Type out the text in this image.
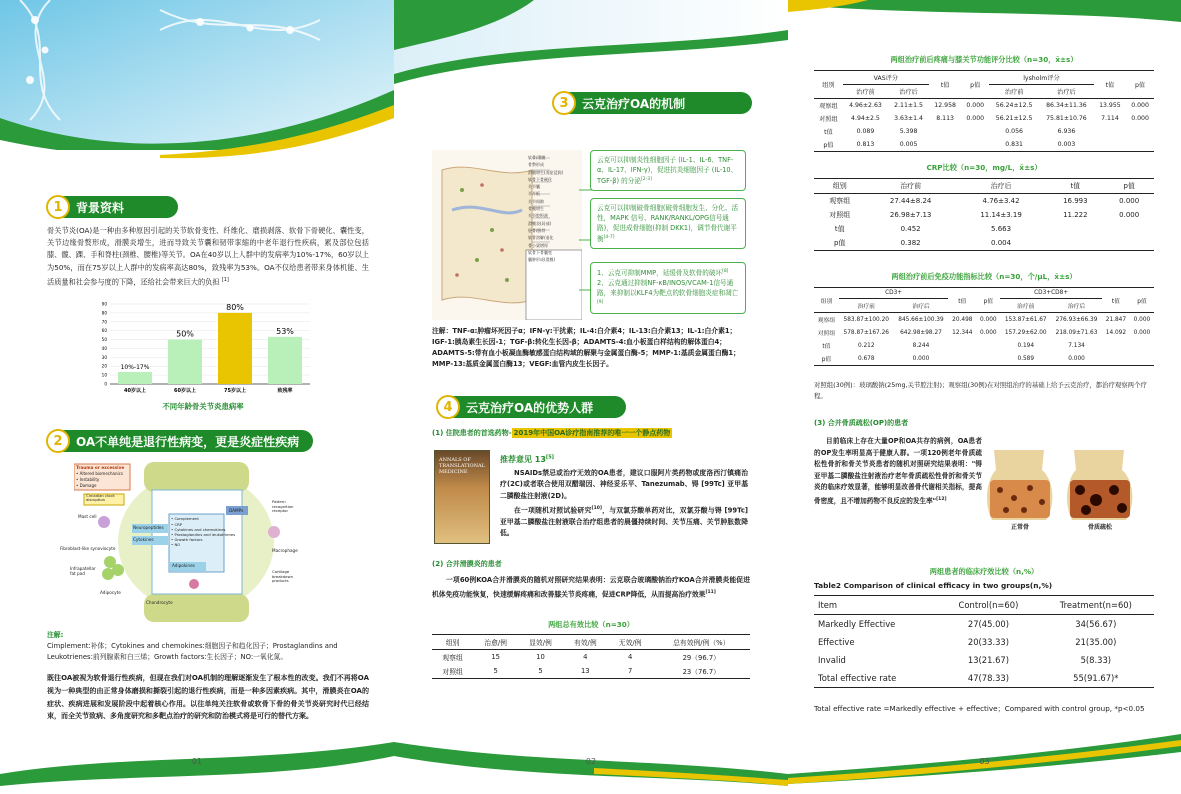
1	背景资料
骨关节炎(OA)是一种由多种原因引起的关节软骨变性、纤维化、磨损剥落、软骨下骨硬化、囊性变，关节边缘骨赘形成，滑膜炎增生，进而导致关节囊和韧带挛缩的中老年退行性疾病，累及部位包括膝、髋、踝、手和脊柱(颈椎、腰椎)等关节。OA在40岁以上人群中的发病率为10%-17%，60岁以上为50%，而在75岁以上人群中的发病率高达80%，致残率为53%。OA不仅给患者带来身体机能、生活质量和社会参与度的下降，还给社会带来巨大的负担 [1]
0
10
20
30
40
50
60
70
80
90
10%-17%
40岁以上
50%
60岁以上
80%
75岁以上
53%
致残率
不同年龄骨关节炎患病率
2	OA不单纯是退行性病变，更是炎症性疾病
Trauma or excessive
• Altered biomechanics
• Instability
• Damage
Circadian clock disruption
Mast cell
Fibroblast-like synoviocyte
Infrapatellar fat pad
Adipocyte
Chondrocyte
Neuropeptides
Cytokines
Adipokines
• Complement
• CRP
• Cytokines and chemokines
• Prostaglandins and leukotrienes
• Growth factors
• NO
Pattern recognition receptor
DAMPs
Macrophage
Cartilage breakdown products
注解:
Cimplement:补体；Cytokines and chemokines:细胞因子和趋化因子；Prostaglandins and Leukotrienes:前列腺素和白三烯；Growth factors:生长因子；NO:一氧化氮。
既往OA被视为软骨退行性疾病，但现在我们对OA机制的理解逐渐发生了根本性的改变。我们不再将OA视为一种典型的由正常身体磨损和撕裂引起的退行性疾病，而是一种多因素疾病。其中，滑膜炎在OA的症状、疾病进展和发展阶段中起着核心作用。以往单纯关注软骨或软骨下骨的骨关节炎研究时代已经结束，而全关节致病、多角度研究和多靶点治疗的研究和防治模式将是可行的替代方案。
01
3	云克治疗OA的机制
软骨/滑膜
骨赘形成
滑膜增生(炎症浸润)
软骨下骨硬化
关节囊
半月板
关节间隙
骨膜增生
关节腔积液
滑膜炎(局部)
胫骨/腓骨
软骨溶解/退化
骨小梁增厚
软骨下骨囊变
囊肿形成(滑膜)
云克可以抑制炎性细胞因子 (IL-1、IL-6、TNF-α、IL-17、IFN-γ)，促进抗炎细胞因子 (IL-10、TGF-β) 的分泌[2-3]
云克可以抑制破骨细胞(破骨细胞发生、分化、活性，MAPK 信号、RANK/RANKL/OPG信号通路)，促进成骨细胞(抑制 DKK1)，调节骨代谢平衡[4-7]
1、云克可抑制MMP，延缓骨及软骨的破坏[8]
2、云克通过抑制NF-κB/INOS/VCAM-1信号通路，来抑制以KLF4为靶点的软骨细胞炎症和凋亡[9]
注解：TNF-α:肿瘤坏死因子α；IFN-γ:干扰素；IL-4:白介素4；IL-13:白介素13；IL-1:白介素1；IGF-1:胰岛素生长因-1；TGF-β:转化生长因-β；ADAMTS-4:血小板蛋白样结构的解体蛋白4；ADAMTS-5:带有血小板凝血酶敏感蛋白结构域的解聚与金属蛋白酶-5；MMP-1:基质金属蛋白酶1；MMP-13:基质金属蛋白酶13；VEGF:血管内皮生长因子。
4	云克治疗OA的优势人群
(1) 住院患者的首选药物- 2019年中国OA诊疗指南推荐的唯一一个静点药物
ANNALS OF
TRANSLATIONAL
MEDICINE
推荐意见 13[5]
NSAIDs禁忌或治疗无效的OA患者，建议口服阿片类药物或度洛西汀镇痛治疗(2C)或者联合使用双醋瑞因、神经妥乐平、Tanezumab、锝 [99Tc] 亚甲基二膦酸盐注射液(2D)。
在一项随机对照试验研究[10]，与双氯芬酸单药对比，双氯芬酸与锝 [99Tc] 亚甲基二膦酸盐注射液联合治疗组患者的晨僵持续时间、关节压痛、关节肿胀数降低。
(2) 合并滑膜炎的患者
一项60例KOA合并滑膜炎的随机对照研究结果表明：云克联合玻璃酸钠治疗KOA合并滑膜炎能促进机体免疫功能恢复，快速缓解疼痛和改善膝关节炎疼痛，促进CRP降低，从而提高治疗效果[11]
两组总有效比较（n=30）
组别	治愈/例	显效/例	有效/例	无效/例	总有效例/例（%）
观察组	15	10	4	4	29（96.7）
对照组	5	5	13	7	23（76.7）
02
两组治疗前后疼痛与膝关节功能评分比较（n=30，x̄±s）
组别	VAS评分		t值	p值	lysholm评分		t值	p值
	治疗前	治疗后			治疗前	治疗后		
观察组	4.96±2.63	2.11±1.5	12.958	0.000	56.24±12.5	86.34±11.36	13.955	0.000
对照组	4.94±2.5	3.63±1.4	8.113	0.000	56.21±12.5	75.81±10.76	7.114	0.000
t值	0.089	5.398			0.056	6.936		
p值	0.813	0.005			0.831	0.003		
CRP比较（n=30，mg/L，x̄±s）
组别	治疗前	治疗后	t值	p值
观察组	27.44±8.24	4.76±3.42	16.993	0.000
对照组	26.98±7.13	11.14±3.19	11.222	0.000
t值	0.452	5.663		
p值	0.382	0.004		
两组治疗前后免疫功能指标比较（n=30，个/μL，x̄±s）
组别	CD3+		t值	p值	CD3+CD8+		t值	p值
	治疗前	治疗后			治疗前	治疗后		
观察组	583.87±100.20	845.66±100.39	20.498	0.000	153.87±61.67	276.93±66.39	21.847	0.000
对照组	578.87±167.26	642.98±98.27	12.344	0.000	157.29±62.00	218.09±71.63	14.092	0.000
t值	0.212	8.244			0.194	7.134		
p值	0.678	0.000			0.589	0.000		
对照组(30例)：玻璃酸钠(25mg,关节腔注射)；观察组(30例)在对照组治疗的基础上给予云克治疗，都治疗观察两个疗程。
(3) 合并骨质疏松(OP)的患者
目前临床上存在大量OP和OA共存的病例，OA患者的OP发生率明显高于健康人群。一项120例老年骨质疏松性骨折和骨关节炎患者的随机对照研究结果表明："锝亚甲基二膦酸盐注射液治疗老年骨质疏松性骨折和骨关节炎的临床疗效显著，能够明显改善骨代谢相关指标，提高骨密度，且不增加药物不良反应的发生率"[12]
正常骨	骨质疏松
两组患者的临床疗效比较（n,%）
Table2 Comparison of clinical efficacy in two groups(n,%)
Item	Control(n=60)	Treatment(n=60)
Markedly Effective	27(45.00)	34(56.67)
Effective	20(33.33)	21(35.00)
Invalid	13(21.67)	5(8.33)
Total effective rate	47(78.33)	55(91.67)*
Total effective rate =Markedly effective + effective；Compared with control group, *p<0.05
03
